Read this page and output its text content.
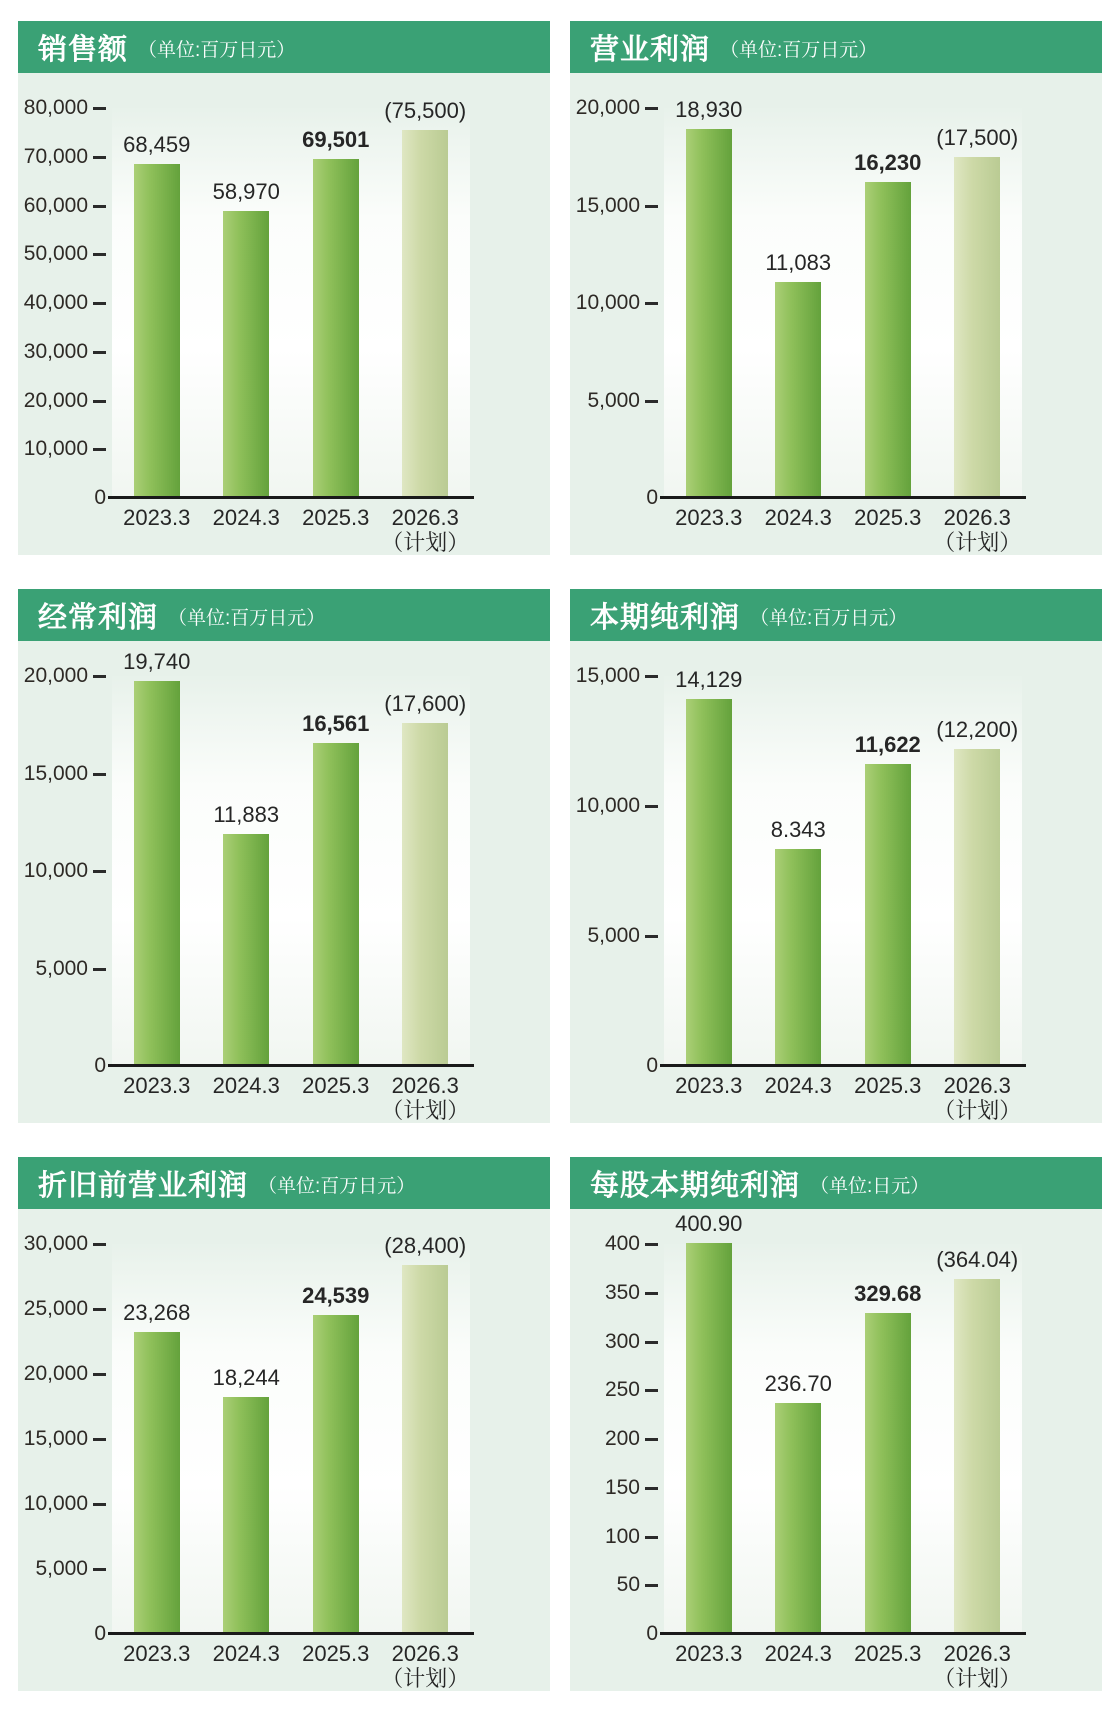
销售额 （单位:百万日元）
68,459
58,970
69,501
(75,500)
80,000
70,000
60,000
50,000
40,000
30,000
20,000
10,000
0
2023.3 2024.3 2025.3	2026.3
（计划）
营业利润 （单位:百万日元）
18,930
11,083
16,230
(17,500)
20,000
15,000
10,000
5,000
0
2023.3 2024.3 2025.3	2026.3
（计划）
经常利润 （单位:百万日元）
19,740
11,883
16,561
(17,600)
20,000
15,000
10,000
5,000
0
2023.3 2024.3 2025.3	2026.3
（计划）
本期纯利润 （单位:百万日元）
14,129
8.343
11,622
(12,200)
15,000
10,000
5,000
0
2023.3 2024.3 2025.3	2026.3
（计划）
折旧前营业利润 （单位:百万日元）
23,268
18,244
24,539
(28,400)
30,000
25,000
20,000
15,000
10,000
5,000
0
2023.3 2024.3 2025.3	2026.3
（计划）
每股本期纯利润 （单位:日元）
400.90
236.70
329.68
(364.04)
400
350
300
250
200
150
100
50
0
2023.3 2024.3 2025.3	2026.3
（计划）
